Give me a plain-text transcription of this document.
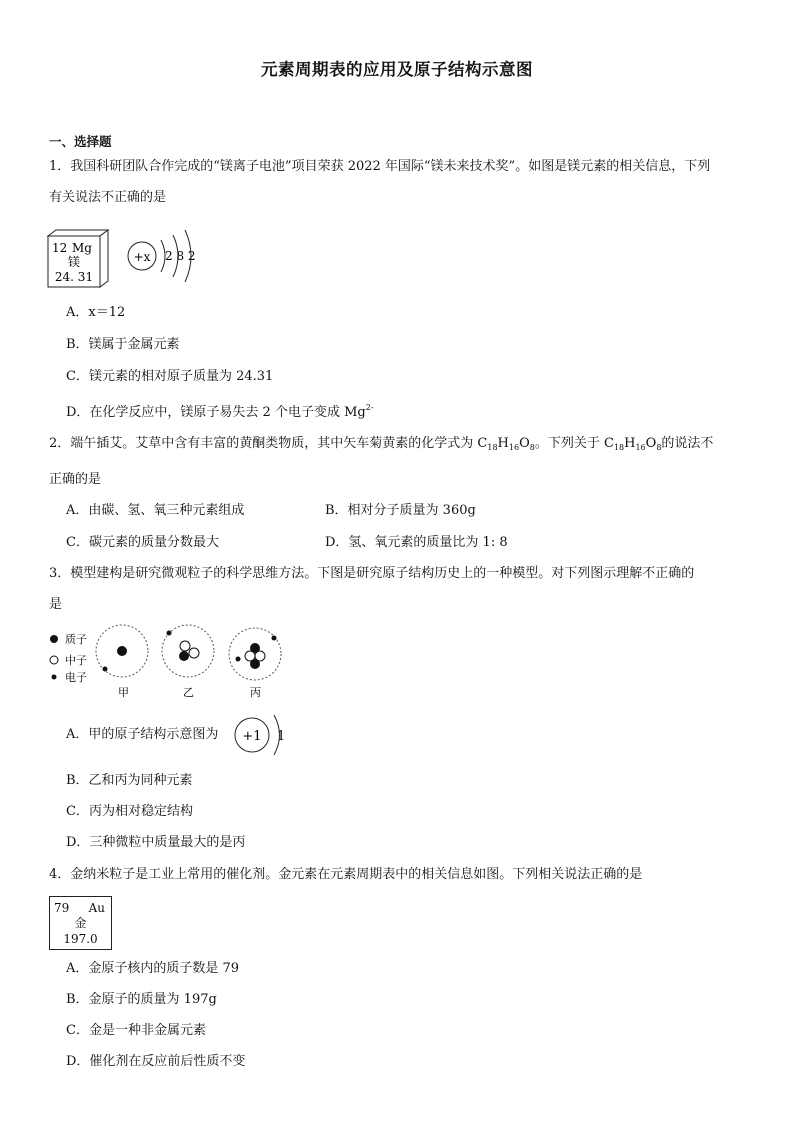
元素周期表的应用及原子结构示意图
一、选择题
1．我国科研团队合作完成的“镁离子电池”项目荣获 2022 年国际“镁未来技术奖”。如图是镁元素的相关信息，下列
有关说法不正确的是
12 Mg
镁
24. 31
+x 2 8 2
A．x＝12
B．镁属于金属元素
C．镁元素的相对原子质量为 24.31
D．在化学反应中，镁原子易失去 2 个电子变成 $Mg^{2-}$
2．端午插艾。艾草中含有丰富的黄酮类物质，其中矢车菊黄素的化学式为 $C_{18}H_{16}O_8$。下列关于 $C_{18}H_{16}O_8$的说法不
正确的是
A．由碳、氢、氧三种元素组成	B．相对分子质量为 360g
C．碳元素的质量分数最大	D．氢、氧元素的质量比为 1: 8
3．模型建构是研究微观粒子的科学思维方法。下图是研究原子结构历史上的一种模型。对下列图示理解不正确的
是
质子
中子
电子
甲	乙	丙
A．甲的原子结构示意图为 +1 1
B．乙和丙为同种元素
C．丙为相对稳定结构
D．三种微粒中质量最大的是丙
4．金纳米粒子是工业上常用的催化剂。金元素在元素周期表中的相关信息如图。下列相关说法正确的是
79 Au
金
197.0
A．金原子核内的质子数是 79
B．金原子的质量为 197g
C．金是一种非金属元素
D．催化剂在反应前后性质不变
